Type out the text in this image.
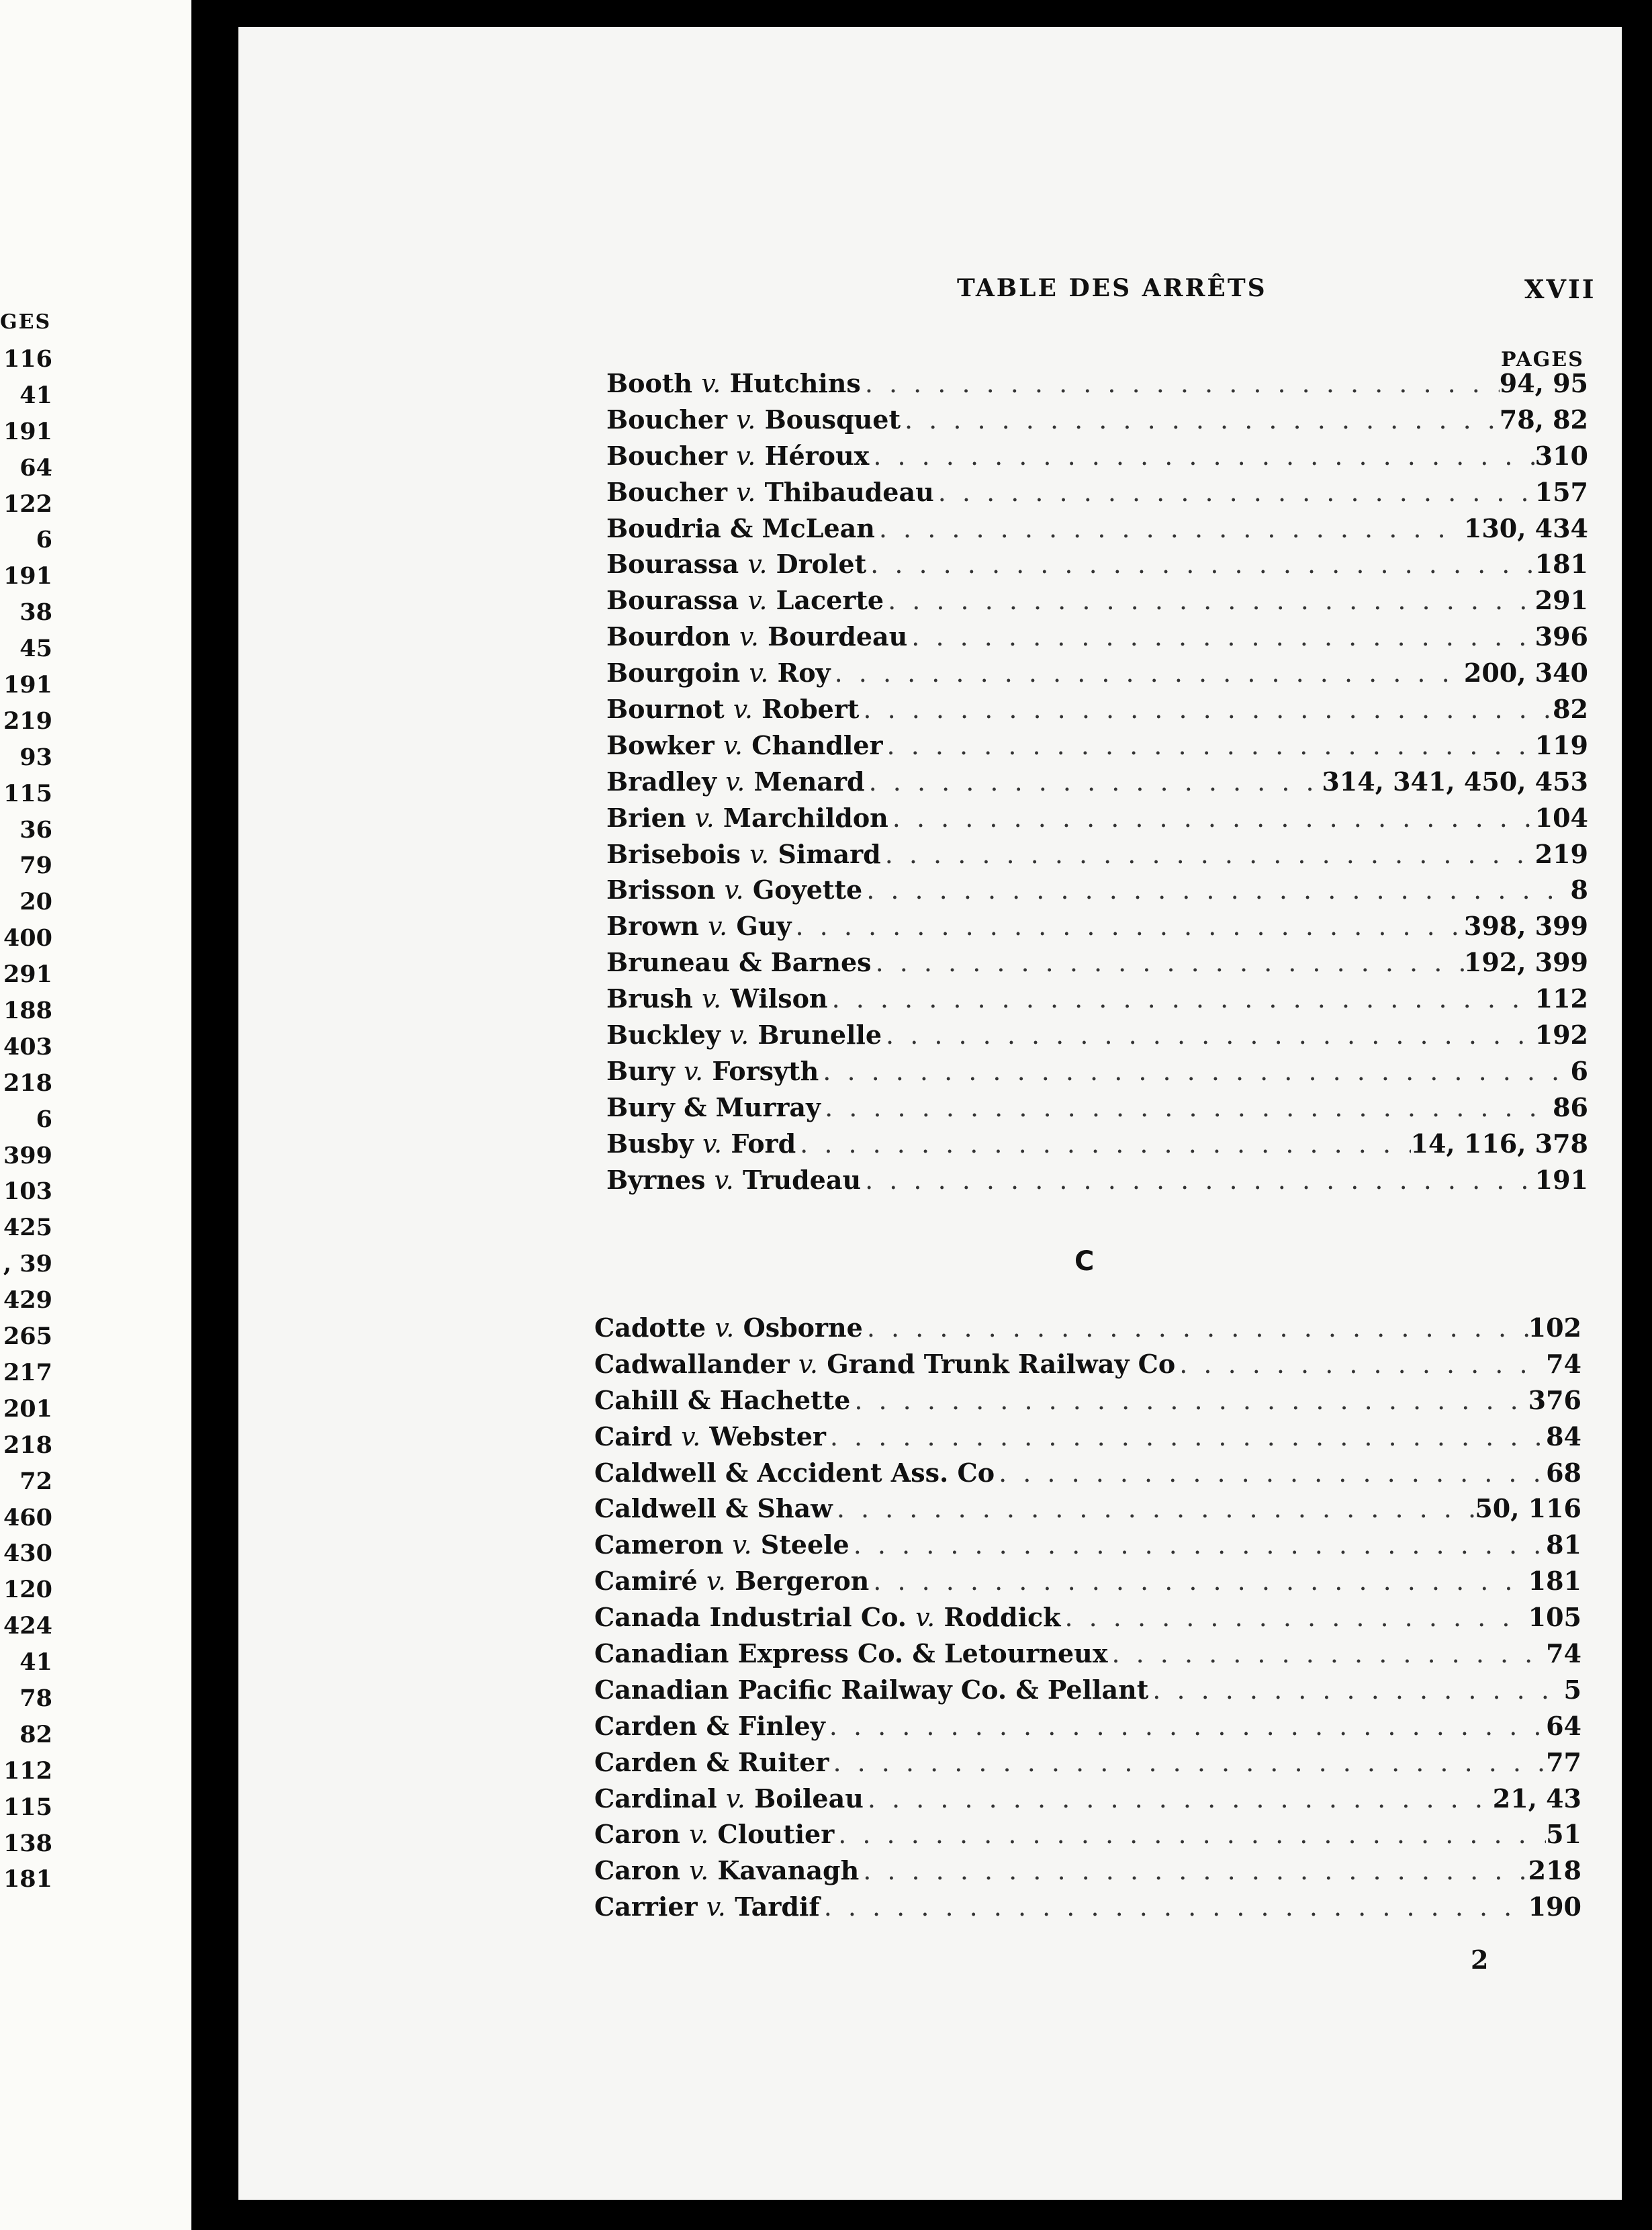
GES
116
41
191
64
122
6
191
38
45
191
219
93
115
36
79
20
400
291
188
403
218
6
399
103
425
, 39
429
265
217
201
218
72
460
430
120
424
41
78
82
112
115
138
181
TABLE DES ARRÊTS	XVII
PAGES
Booth v. Hutchins . . .	94, 95
Boucher v. Bousquet . . .	78, 82
Boucher v. Héroux . . .	310
Boucher v. Thibaudeau . . .	157
Boudria & McLean . . .	130, 434
Bourassa v. Drolet . . .	181
Bourassa v. Lacerte . . .	291
Bourdon v. Bourdeau . . .	396
Bourgoin v. Roy . . .	200, 340
Bournot v. Robert . . .	82
Bowker v. Chandler . . .	119
Bradley v. Menard . . .	314, 341, 450, 453
Brien v. Marchildon . . .	104
Brisebois v. Simard . . .	219
Brisson v. Goyette . . .	8
Brown v. Guy . . .	398, 399
Bruneau & Barnes . . .	192, 399
Brush v. Wilson . . .	112
Buckley v. Brunelle . . .	192
Bury v. Forsyth . . .	6
Bury & Murray . . .	86
Busby v. Ford . . .	14, 116, 378
Byrnes v. Trudeau . . .	191
C
Cadotte v. Osborne . . .	102
Cadwallander v. Grand Trunk Railway Co . . .	74
Cahill & Hachette . . .	376
Caird v. Webster . . .	84
Caldwell & Accident Ass. Co . . .	68
Caldwell & Shaw . . .	50, 116
Cameron v. Steele . . .	81
Camiré v. Bergeron . . .	181
Canada Industrial Co. v. Roddick . . .	105
Canadian Express Co. & Letourneux . . .	74
Canadian Pacific Railway Co. & Pellant . . .	5
Carden & Finley . . .	64
Carden & Ruiter . . .	77
Cardinal v. Boileau . . .	21, 43
Caron v. Cloutier . . .	51
Caron v. Kavanagh . . .	218
Carrier v. Tardif . . .	190
2
